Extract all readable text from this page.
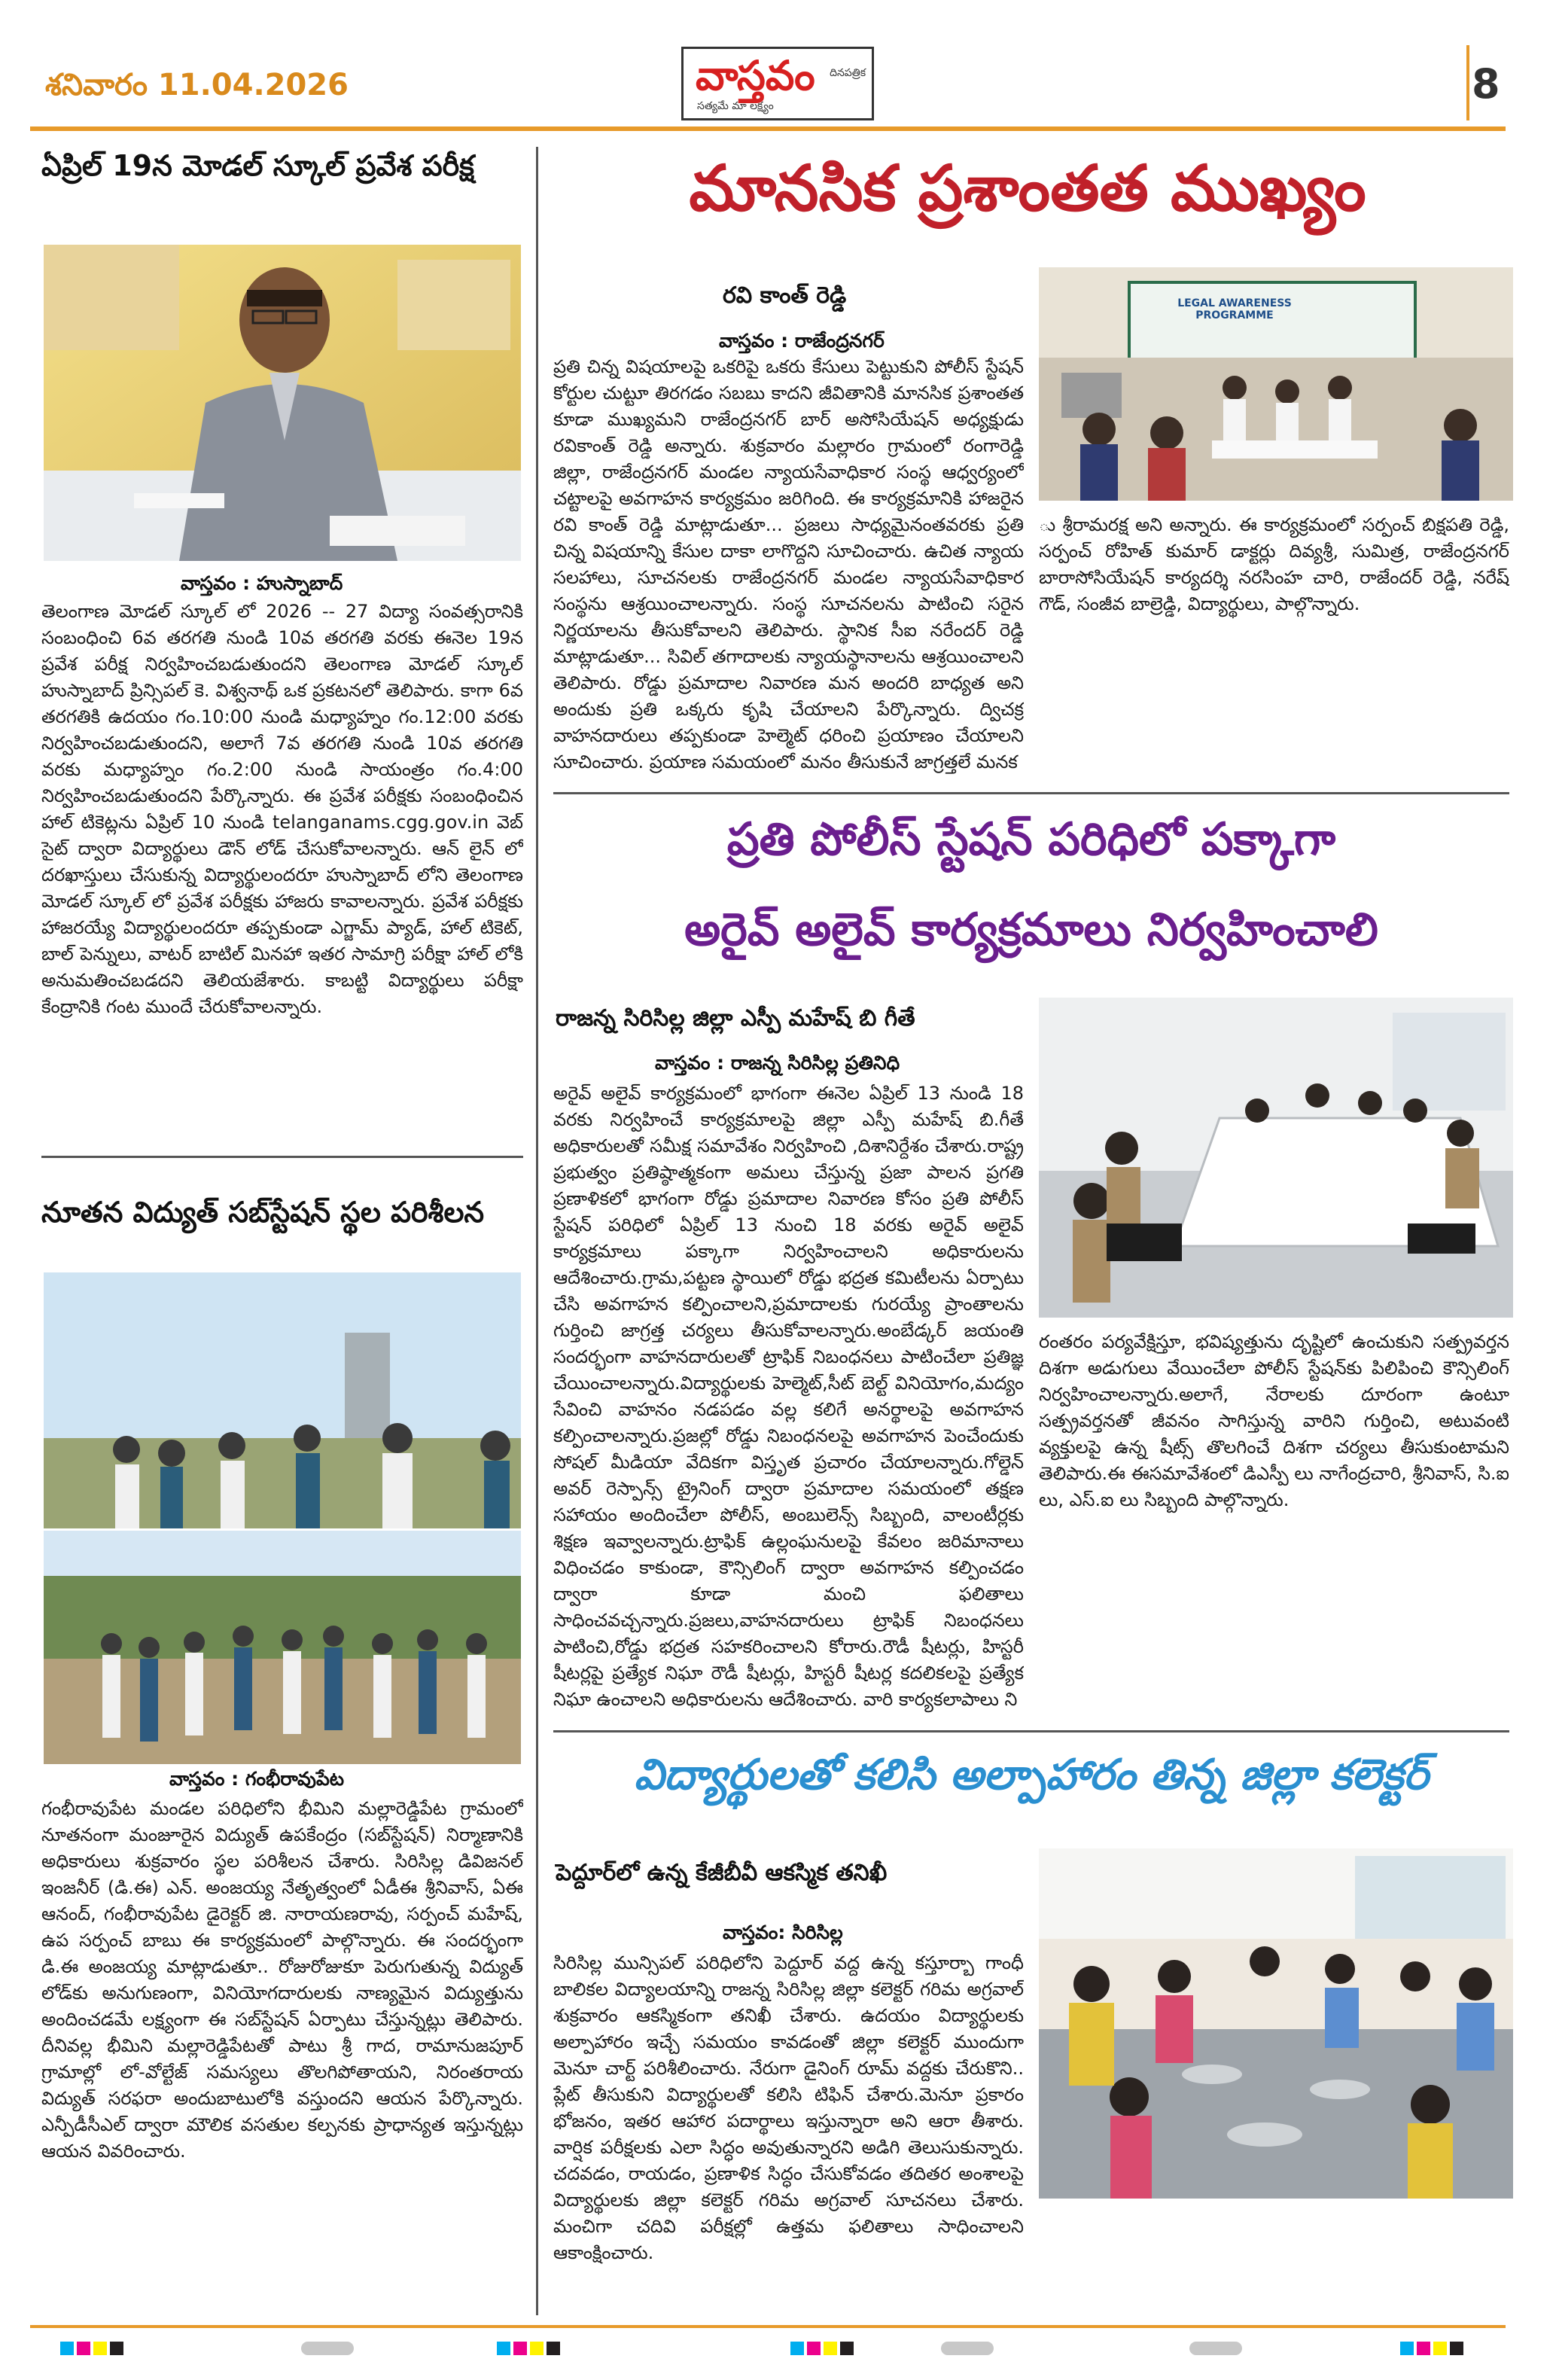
శనివారం 11.04.2026	వాస్తవం
సత్యమే మా లక్ష్యం
దినపత్రిక	8
ఏప్రిల్ 19న మోడల్ స్కూల్ ప్రవేశ పరీక్ష
వాస్తవం : హుస్నాబాద్
తెలంగాణ మోడల్ స్కూల్ లో 2026 -- 27 విద్యా సంవత్సరానికి సంబంధించి 6వ తరగతి నుండి 10వ తరగతి వరకు ఈనెల 19న ప్రవేశ పరీక్ష నిర్వహించబడుతుందని తెలంగాణ మోడల్ స్కూల్ హుస్నాబాద్ ప్రిన్సిపల్ కె. విశ్వనాథ్ ఒక ప్రకటనలో తెలిపారు. కాగా 6వ తరగతికి ఉదయం గం.10:00 నుండి మధ్యాహ్నం గం.12:00 వరకు నిర్వహించబడుతుందని, అలాగే 7వ తరగతి నుండి 10వ తరగతి వరకు మధ్యాహ్నం గం.2:00 నుండి సాయంత్రం గం.4:00 నిర్వహించబడుతుందని పేర్కొన్నారు. ఈ ప్రవేశ పరీక్షకు సంబంధించిన హాల్ టికెట్లను ఏప్రిల్ 10 నుండి telanganams.cgg.gov.in వెబ్ సైట్ ద్వారా విద్యార్థులు డౌన్ లోడ్ చేసుకోవాలన్నారు. ఆన్ లైన్ లో దరఖాస్తులు చేసుకున్న విద్యార్థులందరూ హుస్నాబాద్ లోని తెలంగాణ మోడల్ స్కూల్ లో ప్రవేశ పరీక్షకు హాజరు కావాలన్నారు. ప్రవేశ పరీక్షకు హాజరయ్యే విద్యార్థులందరూ తప్పకుండా ఎగ్జామ్ ప్యాడ్, హాల్ టికెట్, బాల్ పెన్నులు, వాటర్ బాటిల్ మినహా ఇతర సామాగ్రి పరీక్షా హాల్ లోకి అనుమతించబడదని తెలియజేశారు. కాబట్టి విద్యార్థులు పరీక్షా కేంద్రానికి గంట ముందే చేరుకోవాలన్నారు.
నూతన విద్యుత్ సబ్‌స్టేషన్ స్థల పరిశీలన
వాస్తవం : గంభీరావుపేట
గంభీరావుపేట మండల పరిధిలోని భీమిని మల్లారెడ్డిపేట గ్రామంలో నూతనంగా మంజూరైన విద్యుత్ ఉపకేంద్రం (సబ్‌స్టేషన్) నిర్మాణానికి అధికారులు శుక్రవారం స్థల పరిశీలన చేశారు. సిరిసిల్ల డివిజనల్ ఇంజనీర్ (డి.ఈ) ఎన్. అంజయ్య నేతృత్వంలో ఏడీఈ శ్రీనివాస్, ఏఈ ఆనంద్, గంభీరావుపేట డైరెక్టర్ జి. నారాయణరావు, సర్పంచ్ మహేష్, ఉప సర్పంచ్ బాబు ఈ కార్యక్రమంలో పాల్గొన్నారు. ఈ సందర్భంగా డి.ఈ అంజయ్య మాట్లాడుతూ.. రోజురోజుకూ పెరుగుతున్న విద్యుత్ లోడ్‌కు అనుగుణంగా, వినియోగదారులకు నాణ్యమైన విద్యుత్తును అందించడమే లక్ష్యంగా ఈ సబ్‌స్టేషన్ ఏర్పాటు చేస్తున్నట్లు తెలిపారు. దీనివల్ల భీమిని మల్లారెడ్డిపేటతో పాటు శ్రీ గాద, రామానుజపూర్ గ్రామాల్లో లో-వోల్టేజ్ సమస్యలు తొలగిపోతాయని, నిరంతరాయ విద్యుత్ సరఫరా అందుబాటులోకి వస్తుందని ఆయన పేర్కొన్నారు. ఎన్పీడీసీఎల్ ద్వారా మౌలిక వసతుల కల్పనకు ప్రాధాన్యత ఇస్తున్నట్లు ఆయన వివరించారు.
మానసిక ప్రశాంతత ముఖ్యం
రవి కాంత్ రెడ్డి
వాస్తవం : రాజేంద్రనగర్
LEGAL AWARENESS PROGRAMME
ప్రతి చిన్న విషయాలపై ఒకరిపై ఒకరు కేసులు పెట్టుకుని పోలీస్ స్టేషన్ కోర్టుల చుట్టూ తిరగడం సబబు కాదని జీవితానికి మానసిక ప్రశాంతత కూడా ముఖ్యమని రాజేంద్రనగర్ బార్ అసోసియేషన్ అధ్యక్షుడు రవికాంత్ రెడ్డి అన్నారు. శుక్రవారం మల్లారం గ్రామంలో రంగారెడ్డి జిల్లా, రాజేంద్రనగర్ మండల న్యాయసేవాధికార సంస్థ ఆధ్వర్యంలో చట్టాలపై అవగాహన కార్యక్రమం జరిగింది. ఈ కార్యక్రమానికి హాజరైన రవి కాంత్ రెడ్డి మాట్లాడుతూ... ప్రజలు సాధ్యమైనంతవరకు ప్రతి చిన్న విషయాన్ని కేసుల దాకా లాగొద్దని సూచించారు. ఉచిత న్యాయ సలహాలు, సూచనలకు రాజేంద్రనగర్ మండల న్యాయసేవాధికార సంస్థను ఆశ్రయించాలన్నారు. సంస్థ సూచనలను పాటించి సరైన నిర్ణయాలను తీసుకోవాలని తెలిపారు. స్థానిక సీఐ నరేందర్ రెడ్డి మాట్లాడుతూ... సివిల్ తగాదాలకు న్యాయస్థానాలను ఆశ్రయించాలని తెలిపారు. రోడ్డు ప్రమాదాల నివారణ మన అందరి బాధ్యత అని అందుకు ప్రతి ఒక్కరు కృషి చేయాలని పేర్కొన్నారు. ద్విచక్ర వాహనదారులు తప్పకుండా హెల్మెట్ ధరించి ప్రయాణం చేయాలని సూచించారు. ప్రయాణ సమయంలో మనం తీసుకునే జాగ్రత్తలే మనక
ు శ్రీరామరక్ష అని అన్నారు. ఈ కార్యక్రమంలో సర్పంచ్ బిక్షపతి రెడ్డి, సర్పంచ్ రోహిత్ కుమార్ డాక్టర్లు దివ్యశ్రీ, సుమిత్ర, రాజేంద్రనగర్ బారాసోసియేషన్ కార్యదర్శి నరసింహ చారి, రాజేందర్ రెడ్డి, నరేష్ గౌడ్, సంజీవ బాల్రెడ్డి, విద్యార్థులు, పాల్గొన్నారు.
ప్రతి పోలీస్ స్టేషన్ పరిధిలో పక్కాగా
అరైవ్ అలైవ్ కార్యక్రమాలు నిర్వహించాలి
రాజన్న సిరిసిల్ల జిల్లా ఎస్పీ మహేష్ బి గీతే
వాస్తవం : రాజన్న సిరిసిల్ల ప్రతినిధి
అరైవ్ అలైవ్ కార్యక్రమంలో భాగంగా ఈనెల ఏప్రిల్ 13 నుండి 18 వరకు నిర్వహించే కార్యక్రమాలపై జిల్లా ఎస్పీ మహేష్ బి.గీతే అధికారులతో సమీక్ష సమావేశం నిర్వహించి ,దిశానిర్దేశం చేశారు.రాష్ట్ర ప్రభుత్వం ప్రతిష్ఠాత్మకంగా అమలు చేస్తున్న ప్రజా పాలన ప్రగతి ప్రణాళికలో భాగంగా రోడ్డు ప్రమాదాల నివారణ కోసం ప్రతి పోలీస్ స్టేషన్ పరిధిలో ఏప్రిల్ 13 నుంచి 18 వరకు అరైవ్ అలైవ్ కార్యక్రమాలు పక్కాగా నిర్వహించాలని అధికారులను ఆదేశించారు.గ్రామ,పట్టణ స్థాయిలో రోడ్డు భద్రత కమిటీలను ఏర్పాటు చేసి అవగాహన కల్పించాలని,ప్రమాదాలకు గురయ్యే ప్రాంతాలను గుర్తించి జాగ్రత్త చర్యలు తీసుకోవాలన్నారు.అంబేడ్కర్ జయంతి సందర్భంగా వాహనదారులతో ట్రాఫిక్ నిబంధనలు పాటించేలా ప్రతిజ్ఞ చేయించాలన్నారు.విద్యార్థులకు హెల్మెట్,సీట్ బెల్ట్ వినియోగం,మద్యం సేవించి వాహనం నడపడం వల్ల కలిగే అనర్థాలపై అవగాహన కల్పించాలన్నారు.ప్రజల్లో రోడ్డు నిబంధనలపై అవగాహన పెంచేందుకు సోషల్ మీడియా వేదికగా విస్తృత ప్రచారం చేయాలన్నారు.గోల్డెన్ అవర్ రెస్పాన్స్ ట్రైనింగ్ ద్వారా ప్రమాదాల సమయంలో తక్షణ సహాయం అందించేలా పోలీస్, అంబులెన్స్ సిబ్బంది, వాలంటీర్లకు శిక్షణ ఇవ్వాలన్నారు.ట్రాఫిక్ ఉల్లంఘనులపై కేవలం జరిమానాలు విధించడం కాకుండా, కౌన్సిలింగ్ ద్వారా అవగాహన కల్పించడం ద్వారా కూడా మంచి ఫలితాలు సాధించవచ్చన్నారు.ప్రజలు,వాహనదారులు ట్రాఫిక్ నిబంధనలు పాటించి,రోడ్డు భద్రత సహకరించాలని కోరారు.రౌడీ షీటర్లు, హిస్టరీ షీటర్లపై ప్రత్యేక నిఘా రౌడీ షీటర్లు, హిస్టరీ షీటర్ల కదలికలపై ప్రత్యేక నిఘా ఉంచాలని అధికారులను ఆదేశించారు. వారి కార్యకలాపాలు ని
రంతరం పర్యవేక్షిస్తూ, భవిష్యత్తును దృష్టిలో ఉంచుకుని సత్ప్రవర్తన దిశగా అడుగులు వేయించేలా పోలీస్ స్టేషన్‌కు పిలిపించి కౌన్సిలింగ్ నిర్వహించాలన్నారు.అలాగే, నేరాలకు దూరంగా ఉంటూ సత్ప్రవర్తనతో జీవనం సాగిస్తున్న వారిని గుర్తించి, అటువంటి వ్యక్తులపై ఉన్న షీట్స్ తొలగించే దిశగా చర్యలు తీసుకుంటామని తెలిపారు.ఈ ఈసమావేశంలో డిఎస్పీ లు నాగేంద్రచారి, శ్రీనివాస్, సి.ఐ లు, ఎస్.ఐ లు సిబ్బంది పాల్గొన్నారు.
విద్యార్థులతో కలిసి అల్పాహారం తిన్న జిల్లా కలెక్టర్
పెద్దూర్‌లో ఉన్న కేజీబీవీ ఆకస్మిక తనిఖీ
వాస్తవం: సిరిసిల్ల
సిరిసిల్ల మున్సిపల్ పరిధిలోని పెద్దూర్ వద్ద ఉన్న కస్తూర్బా గాంధీ బాలికల విద్యాలయాన్ని రాజన్న సిరిసిల్ల జిల్లా కలెక్టర్ గరిమ అగ్రవాల్ శుక్రవారం ఆకస్మికంగా తనిఖీ చేశారు. ఉదయం విద్యార్థులకు అల్పాహారం ఇచ్చే సమయం కావడంతో జిల్లా కలెక్టర్ ముందుగా మెనూ చార్ట్ పరిశీలించారు. నేరుగా డైనింగ్ రూమ్ వద్దకు చేరుకొని.. ప్లేట్ తీసుకుని విద్యార్థులతో కలిసి టిఫిన్ చేశారు.మెనూ ప్రకారం భోజనం, ఇతర ఆహార పదార్థాలు ఇస్తున్నారా అని ఆరా తీశారు. వార్షిక పరీక్షలకు ఎలా సిద్ధం అవుతున్నారని అడిగి తెలుసుకున్నారు. చదవడం, రాయడం, ప్రణాళిక సిద్ధం చేసుకోవడం తదితర అంశాలపై విద్యార్థులకు జిల్లా కలెక్టర్ గరిమ అగ్రవాల్ సూచనలు చేశారు. మంచిగా చదివి పరీక్షల్లో ఉత్తమ ఫలితాలు సాధించాలని ఆకాంక్షించారు.
